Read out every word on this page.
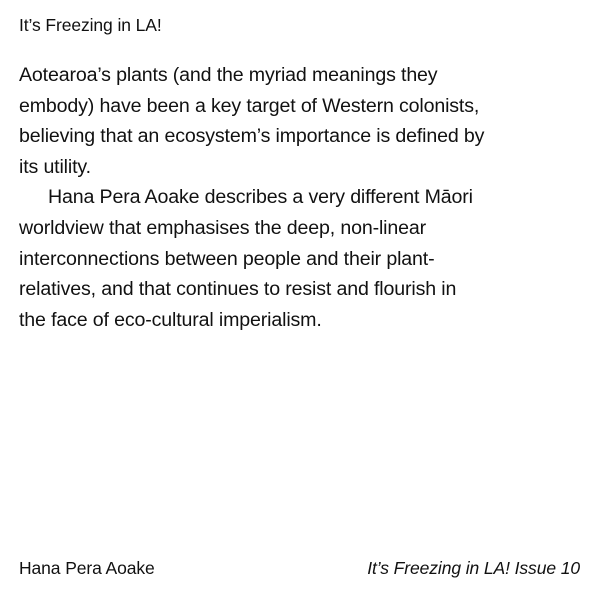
It’s Freezing in LA!
Aotearoa’s plants (and the myriad meanings they
embody) have been a key target of Western colonists,
believing that an ecosystem’s importance is defined by
its utility.
Hana Pera Aoake describes a very different Māori
worldview that emphasises the deep, non-linear
interconnections between people and their plant-
relatives, and that continues to resist and flourish in
the face of eco-cultural imperialism.
Hana Pera Aoake	It’s Freezing in LA! Issue 10
